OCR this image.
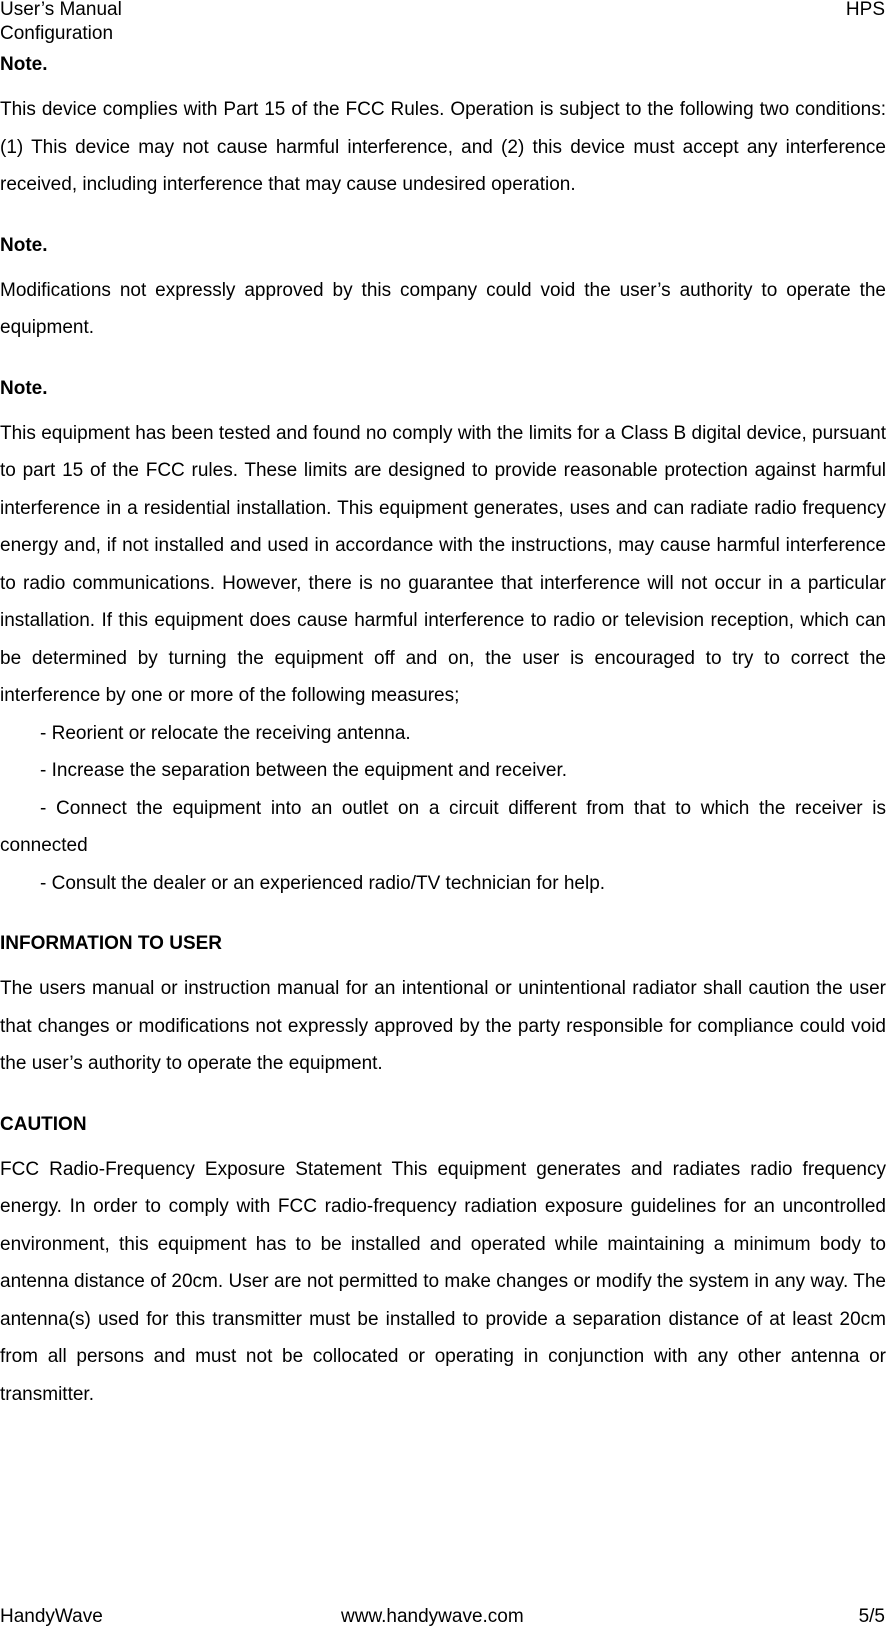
User’s Manual
Configuration
HPS
Note.

This device complies with Part 15 of the FCC Rules. Operation is subject to the following two conditions: (1) This device may not cause harmful interference, and (2) this device must accept any interference received, including interference that may cause undesired operation.

Note.

Modifications not expressly approved by this company could void the user’s authority to operate the equipment.

Note.

This equipment has been tested and found no comply with the limits for a Class B digital device, pursuant to part 15 of the FCC rules. These limits are designed to provide reasonable protection against harmful interference in a residential installation. This equipment generates, uses and can radiate radio frequency energy and, if not installed and used in accordance with the instructions, may cause harmful interference to radio communications. However, there is no guarantee that interference will not occur in a particular installation. If this equipment does cause harmful interference to radio or television reception, which can be determined by turning the equipment off and on, the user is encouraged to try to correct the interference by one or more of the following measures;

- Reorient or relocate the receiving antenna.
- Increase the separation between the equipment and receiver.
- Connect the equipment into an outlet on a circuit different from that to which the receiver is connected
- Consult the dealer or an experienced radio/TV technician for help.
INFORMATION TO USER

The users manual or instruction manual for an intentional or unintentional radiator shall caution the user that changes or modifications not expressly approved by the party responsible for compliance could void the user’s authority to operate the equipment.

CAUTION

FCC Radio-Frequency Exposure Statement This equipment generates and radiates radio frequency energy. In order to comply with FCC radio-frequency radiation exposure guidelines for an uncontrolled environment, this equipment has to be installed and operated while maintaining a minimum body to antenna distance of 20cm. User are not permitted to make changes or modify the system in any way. The antenna(s) used for this transmitter must be installed to provide a separation distance of at least 20cm from all persons and must not be collocated or operating in conjunction with any other antenna or transmitter.

HandyWave	www.handywave.com	5/5
